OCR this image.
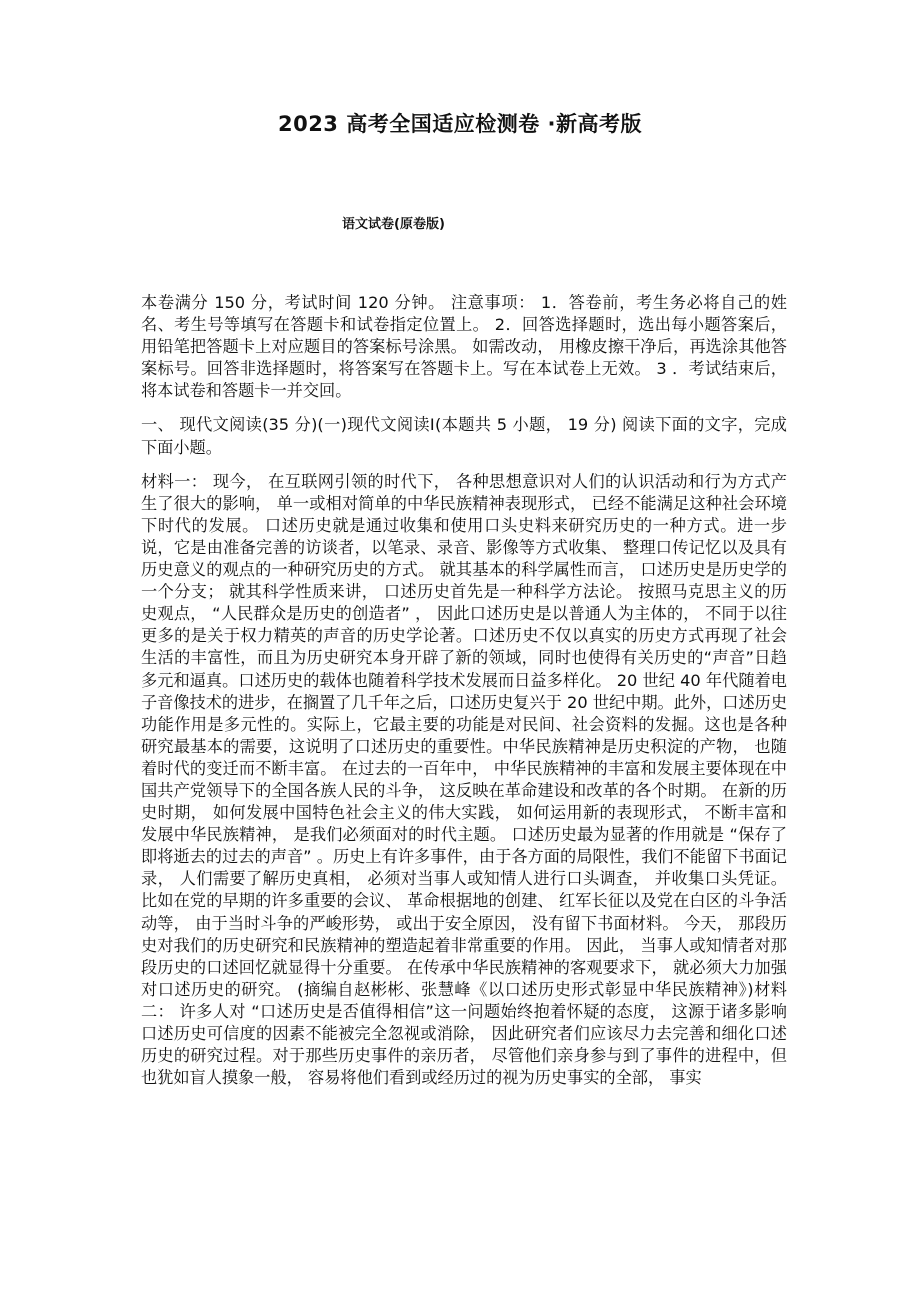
2023 高考全国适应检测卷 ·新高考版
语文试卷(原卷版)

本卷满分 150 分，考试时间 120 分钟。 注意事项： 1．答卷前，考生务必将自己的姓名、考生号等填写在答题卡和试卷指定位置上。 2．回答选择题时，选出每小题答案后， 用铅笔把答题卡上对应题目的答案标号涂黑。 如需改动， 用橡皮擦干净后，再选涂其他答案标号。回答非选择题时，将答案写在答题卡上。写在本试卷上无效。 3 ．考试结束后，将本试卷和答题卡一并交回。

一、 现代文阅读(35 分)(一)现代文阅读Ⅰ(本题共 5 小题， 19 分) 阅读下面的文字，完成下面小题。

材料一： 现今， 在互联网引领的时代下， 各种思想意识对人们的认识活动和行为方式产生了很大的影响， 单一或相对简单的中华民族精神表现形式， 已经不能满足这种社会环境下时代的发展。 口述历史就是通过收集和使用口头史料来研究历史的一种方式。进一步说，它是由准备完善的访谈者，以笔录、录音、影像等方式收集、 整理口传记忆以及具有历史意义的观点的一种研究历史的方式。 就其基本的科学属性而言， 口述历史是历史学的一个分支； 就其科学性质来讲， 口述历史首先是一种科学方法论。 按照马克思主义的历史观点， “人民群众是历史的创造者” ， 因此口述历史是以普通人为主体的， 不同于以往更多的是关于权力精英的声音的历史学论著。口述历史不仅以真实的历史方式再现了社会生活的丰富性，而且为历史研究本身开辟了新的领域，同时也使得有关历史的“声音”日趋多元和逼真。口述历史的载体也随着科学技术发展而日益多样化。 20 世纪 40 年代随着电子音像技术的进步，在搁置了几千年之后，口述历史复兴于 20 世纪中期。此外，口述历史功能作用是多元性的。实际上，它最主要的功能是对民间、社会资料的发掘。这也是各种研究最基本的需要，这说明了口述历史的重要性。中华民族精神是历史积淀的产物， 也随着时代的变迁而不断丰富。 在过去的一百年中， 中华民族精神的丰富和发展主要体现在中国共产党领导下的全国各族人民的斗争， 这反映在革命建设和改革的各个时期。 在新的历史时期， 如何发展中国特色社会主义的伟大实践， 如何运用新的表现形式， 不断丰富和发展中华民族精神， 是我们必须面对的时代主题。 口述历史最为显著的作用就是 “保存了即将逝去的过去的声音” 。历史上有许多事件，由于各方面的局限性，我们不能留下书面记录， 人们需要了解历史真相， 必须对当事人或知情人进行口头调查， 并收集口头凭证。 比如在党的早期的许多重要的会议、 革命根据地的创建、 红军长征以及党在白区的斗争活动等， 由于当时斗争的严峻形势， 或出于安全原因， 没有留下书面材料。 今天， 那段历史对我们的历史研究和民族精神的塑造起着非常重要的作用。 因此， 当事人或知情者对那段历史的口述回忆就显得十分重要。 在传承中华民族精神的客观要求下， 就必须大力加强对口述历史的研究。 (摘编自赵彬彬、张慧峰《以口述历史形式彰显中华民族精神》)材料二： 许多人对 “口述历史是否值得相信”这一问题始终抱着怀疑的态度， 这源于诸多影响口述历史可信度的因素不能被完全忽视或消除， 因此研究者们应该尽力去完善和细化口述历史的研究过程。对于那些历史事件的亲历者， 尽管他们亲身参与到了事件的进程中，但也犹如盲人摸象一般， 容易将他们看到或经历过的视为历史事实的全部， 事实
